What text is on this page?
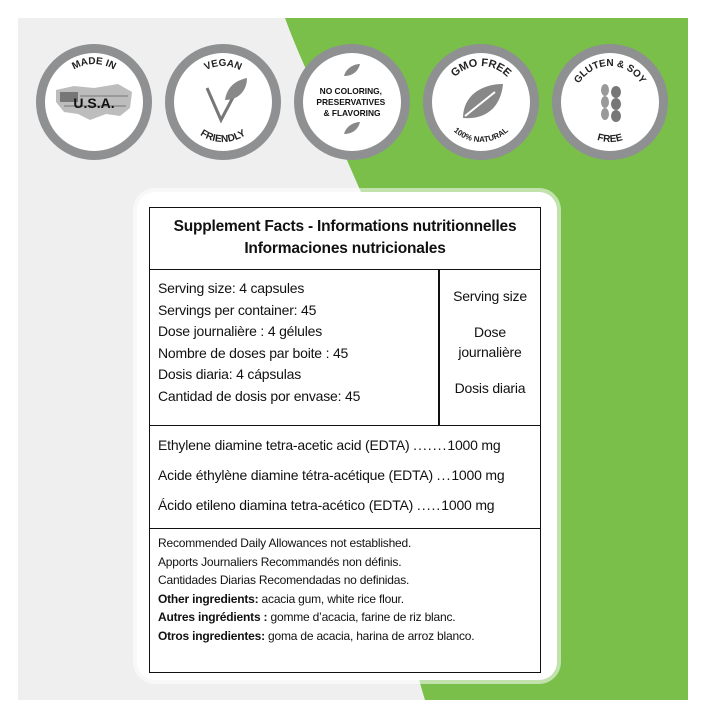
MADE IN
U.S.A.
VEGAN
FRIENDLY
NO COLORING, PRESERVATIVES & FLAVORING
GMO FREE
100% NATURAL
GLUTEN & SOY
FREE
Supplement Facts - Informations nutritionnelles
Informaciones nutricionales
Serving size: 4 capsules
Servings per container: 45
Dose journalière : 4 gélules
Nombre de doses par boite : 45
Dosis diaria: 4 cápsulas
Cantidad de dosis por envase: 45
Serving size
Dose
journalière
Dosis diaria
Ethylene diamine tetra-acetic acid (EDTA) .......1000 mg
Acide éthylène diamine tétra-acétique (EDTA) ...1000 mg
Ácido etileno diamina tetra-acético (EDTA) .....1000 mg
Recommended Daily Allowances not established.
Apports Journaliers Recommandés non définis.
Cantidades Diarias Recomendadas no definidas.
Other ingredients: acacia gum, white rice flour.
Autres ingrédients : gomme d’acacia, farine de riz blanc.
Otros ingredientes: goma de acacia, harina de arroz blanco.
